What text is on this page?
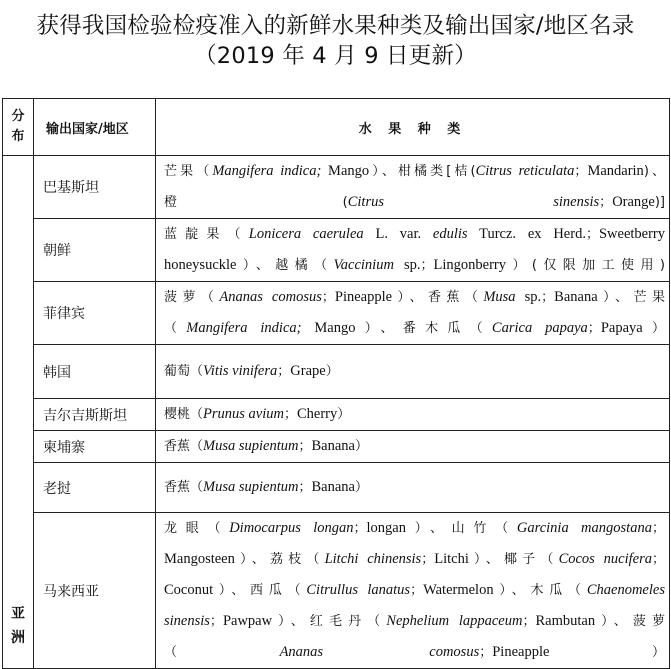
获得我国检验检疫准入的新鲜水果种类及输出国家/地区名录
（2019 年 4 月 9 日更新）
分
布	输出国家/地区	水 果 种 类
亚
洲	巴基斯坦	芒果（Mangifera indica; Mango）、柑橘类[桔(Citrus reticulata；Mandarin)、
橙(Citrus sinensis；Orange)]
	朝鲜	蓝靛果（Lonicera caerulea L. var. edulis Turcz. ex Herd.；Sweetberry
honeysuckle）、越橘（Vaccinium sp.；Lingonberry）(仅限加工使用)
	菲律宾	菠萝（Ananas comosus；Pineapple）、香蕉（Musa sp.；Banana）、芒果
（Mangifera indica; Mango）、番木瓜（Carica papaya；Papaya）
	韩国	葡萄（Vitis vinifera；Grape）
	吉尔吉斯斯坦	樱桃（Prunus avium；Cherry）
	柬埔寨	香蕉（Musa supientum；Banana）
	老挝	香蕉（Musa supientum；Banana）
	马来西亚	龙眼（Dimocarpus longan；longan）、山竹（Garcinia mangostana；
Mangosteen）、荔枝（Litchi chinensis；Litchi）、椰子（Cocos nucifera；
Coconut）、西瓜（Citrullus lanatus；Watermelon）、木瓜（Chaenomeles
sinensis；Pawpaw）、红毛丹（Nephelium lappaceum；Rambutan）、菠萝
（Ananas comosus；Pineapple）
